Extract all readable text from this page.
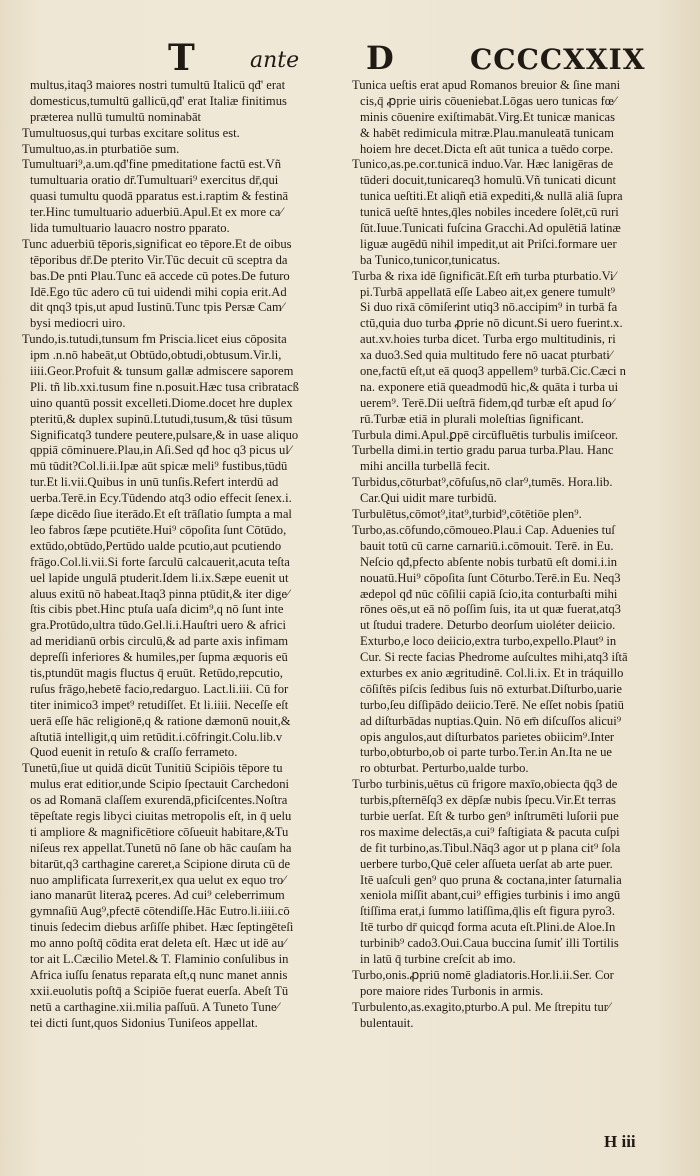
T	ante D	CCCCXXIX
multus,itaq3 maiores nostri tumultū Italicū qđ' erat
domesticus,tumultū gallicū,qđ' erat Italiæ finitimus
præterea nullū tumultū nominabāt
Tumultuosus,qui turbas excitare solitus est.
Tumultuo,as.in pturbatiōe sum.
Tumultuari⁹,a.um.qđ'fine pmeditatione factū est.Vñ
tumultuaria oratio dr̄.Tumultuari⁹ exercitus dr̄,qui
quasi tumultu quodā pparatus est.i.raptim & festinā
ter.Hinc tumultuario aduerbiū.Apul.Et ex more ca⁄
lida tumultuario lauacro nostro pparato.
Tunc aduerbiū tēporis,significat eo tēpore.Et de oibus
tēporibus dr̄.De pterito Vir.Tūc decuit cū sceptra da
bas.De pnti Plau.Tunc eā accede cū potes.De futuro
Idē.Ego tūc adero cū tui uidendi mihi copia erit.Ad
dit qnq3 tpis,ut apud Iustinū.Tunc tpis Persæ Cam⁄
bysi mediocri uiro.
Tundo,is.tutudi,tunsum fm Priscia.licet eius cōposita
ipm .n.nō habeāt,ut Obtūdo,obtudi,obtusum.Vir.li,
iiii.Geor.Profuit & tunsum gallæ admiscere saporem
Pli. tñ lib.xxi.tusum fine n.posuit.Hæc tusa cribratacß
uino quantū possit excelleti.Diome.docet hre duplex
pteritū,& duplex supinū.Ltutudi,tusum,& tūsi tūsum
Significatq3 tundere peutere,pulsare,& in uase aliquo
qppiā cōminuere.Plau,in Aſi.Sed qđ hoc q3 picus ul⁄
mū tūdit?Col.li.ii.Ipæ aūt spicæ meli⁹ fustibus,tūdū
tur.Et li.vii.Quibus in unū tunſis.Refert interdū ad
uerba.Terē.in Ecy.Tūdendo atq3 odio effecit ſenex.i.
ſæpe dicēdo ſiue iterādo.Et eſt trāſlatio ſumpta a mal
leo fabros ſæpe pcutiēte.Hui⁹ cōpoſita ſunt Cōtūdo,
extūdo,obtūdo,Pertūdo ualde pcutio,aut pcutiendo
frāgo.Col.li.vii.Si forte ſarculū calcauerit,acuta teſta
uel lapide ungulā ptuderit.Idem li.ix.Sæpe euenit ut
aluus exitū nō habeat.Itaq3 pinna ptūdit,& iter dige⁄
ſtis cibis pbet.Hinc ptuſa uaſa dicim⁹,q nō ſunt inte
gra.Protūdo,ultra tūdo.Gel.li.i.Hauſtri uero & africi
ad meridianū orbis circulū,& ad parte axis infimam
depreſſi inferiores & humiles,per ſupma æquoris eū
tis,ptundūt magis fluctus q̄ eruūt. Retūdo,repcutio,
ruſus frāgo,hebetē facio,redarguo. Lact.li.iii. Cū for
titer inimico3 impet⁹ retudiſſet. Et li.iiii. Neceſſe eſt
uerā eſſe hāc religionē,q & ratione dæmonū nouit,&
aſtutiā intelligit,q uim retūdit.i.cōfringit.Colu.lib.v
Quod euenit in retuſo & craſſo ferrameto.
Tunetū,ſiue ut quidā dicūt Tunitiū Scipiōis tēpore tu
mulus erat editior,unde Scipio ſpectauit Carchedoni
os ad Romanā claſſem exurendā,pficiſcentes.Noſtra
tēpeſtate regis libyci ciuitas metropolis eſt, in q̄ uelu
ti ampliore & magnificētiore cōſueuit habitare,&Tu
niſeus rex appellat.Tunetū nō ſane ob hāc cauſam ha
bitarūt,q3 carthagine careret,a Scipione diruta cū de
nuo amplificata ſurrexerit,ex qua uelut ex equo tro⁄
iano manarūt literaꝝ pceres. Ad cui⁹ celeberrimum
gymnaſiū Aug⁹,pfectē cōtendiſſe.Hāc Eutro.li.iiii.cō
tinuis ſedecim diebus arſiſſe phibet. Hæc ſeptingēteſi
mo anno poſtq̄ cōdita erat deleta eſt. Hæc ut idē au⁄
tor ait L.Cæcilio Metel.& T. Flaminio conſulibus in
Africa iuſſu ſenatus reparata eſt,q nunc manet annis
xxii.euolutis poſtq̄ a Scipiōe fuerat euerſa. Abeſt Tū
netū a carthagine.xii.milia paſſuū. A Tuneto Tune⁄
tei dicti ſunt,quos Sidonius Tuniſeos appellat.
Tunica ueſtis erat apud Romanos breuior & ſine mani
cis,q̄ ꝓprie uiris cōueniebat.Lōgas uero tunicas fœ⁄
minis cōuenire exiſtimabāt.Virg.Et tunicæ manicas
& habēt redimicula mitræ.Plau.manuleatā tunicam
hoiem hre decet.Dicta eſt aūt tunica a tuēdo corpe.
Tunico,as.pe.cor.tunicā induo.Var. Hæc lanigēras de
tūderi docuit,tunicareq3 homulū.Vñ tunicati dicunt
tunica ueſtiti.Et aliqñ etiā expediti,& nullā aliā ſupra
tunicā ueſtē hntes,q̄les nobiles incedere ſolēt,cū ruri
ſūt.Iuue.Tunicati fuſcina Gracchi.Ad opulētiā latinæ
liguæ augēdū nihil impedit,ut ait Priſci.formare uer
ba Tunico,tunicor,tunicatus.
Turba & rixa idē ſignificāt.Eſt em̄ turba pturbatio.Vi⁄
pi.Turbā appellatā eſſe Labeo ait,ex genere tumult⁹
Si duo rixā cōmiſerint utiq3 nō.accipim⁹ in turbā fa
ctū,quia duo turba ꝓprie nō dicunt.Si uero fuerint.x.
aut.xv.hoies turba dicet. Turba ergo multitudinis, ri
xa duo3.Sed quia multitudo fere nō uacat pturbati⁄
one,factū eſt,ut eā quoq3 appellem⁹ turbā.Cic.Cæci n
na. exponere etiā queadmodū hic,& quāta i turba ui
uerem⁹. Terē.Dii ueſtrā fidem,qđ turbæ eſt apud ſo⁄
rū.Turbæ etiā in plurali moleſtias ſignificant.
Turbula dimi.Apul.ꝑpē circūfluētis turbulis imiſceor.
Turbella dimi.in tertio gradu parua turba.Plau. Hanc
mihi ancilla turbellā fecit.
Turbidus,cōturbat⁹,cōfuſus,nō clar⁹,tumēs. Hora.lib.
Car.Qui uidit mare turbidū.
Turbulētus,cōmot⁹,itat⁹,turbid⁹,cōtētiōe plen⁹.
Turbo,as.cōfundo,cōmoueo.Plau.i Cap. Aduenies tuſ
bauit totū cū carne carnariū.i.cōmouit. Terē. in Eu.
Neſcio qđ,pfecto abſente nobis turbatū eſt domi.i.in
nouatū.Hui⁹ cōpoſita ſunt Cōturbo.Terē.in Eu. Neq3
ædepol qđ nūc cōſilii capiā ſcio,ita conturbaſti mihi
rōnes oēs,ut eā nō poſſim ſuis, ita ut quæ fuerat,atq3
ut ſtudui tradere. Deturbo deorſum uioléter deiicio.
Exturbo,e loco deiicio,extra turbo,expello.Plaut⁹ in
Cur. Si recte facias Phedrome auſcultes mihi,atq3 iſtā
exturbes ex anio ægritudinē. Col.li.ix. Et in tráquillo
cōſiſtēs piſcis ſedibus ſuis nō exturbat.Diſturbo,uarie
turbo,ſeu diſſipādo deiicio.Terē. Ne eſſet nobis ſpatiū
ad diſturbādas nuptias.Quin. Nō em̄ diſcuſſos alicui⁹
opis angulos,aut diſturbatos parietes obiicim⁹.Inter
turbo,obturbo,ob oi parte turbo.Ter.in An.Ita ne ue
ro obturbat. Perturbo,ualde turbo.
Turbo turbinis,uētus cū frigore maxīo,obiecta q̄q3 de
turbis,pſternēſq3 ex dēpſæ nubis ſpecu.Vir.Et terras
turbie uerſat. Eſt & turbo gen⁹ inſtrumēti luſorii pue
ros maxime delectās,a cui⁹ faſtigiata & pacuta cuſpi
de fit turbino,as.Tibul.Nāq3 agor ut p plana cit⁹ ſola
uerbere turbo,Quē celer aſſueta uerſat ab arte puer.
Itē uaſculi gen⁹ quo pruna & coctana,inter ſaturnalia
xeniola miſſit abant,cui⁹ effigies turbinis i imo angū
ſtiſſima erat,i ſummo latiſſima,q̄lis eſt figura pyro3.
Itē turbo dr̄ quicqđ forma acuta eſt.Plini.de Aloe.In
turbinib⁹ cado3.Oui.Caua buccina ſumiť illi Tortilis
in latū q̄ turbine creſcit ab imo.
Turbo,onis.ꝓpriū nomē gladiatoris.Hor.li.ii.Ser. Cor
pore maiore rides Turbonis in armis.
Turbulento,as.exagito,pturbo.A pul. Me ſtrepitu tur⁄
bulentauit.
H iii
